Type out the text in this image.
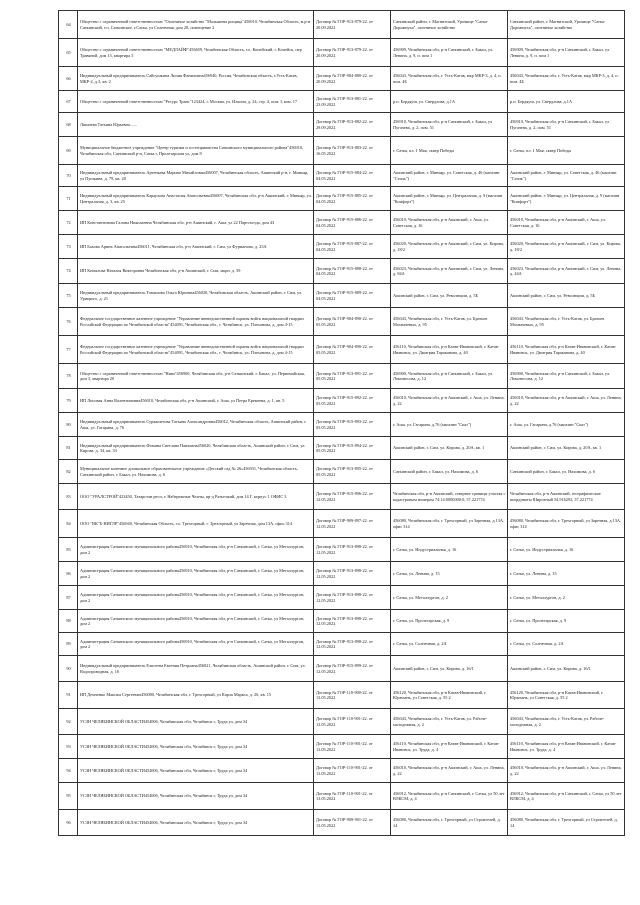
64	Общество с ограниченной ответственностью "Охотничье хозяйство "Малышева рощица"456910, Челябинская Область, м.р-н Саткинский, г.п. Саткинское, г.Сатка, ул Солнечная, дом 28, помещение 2	Договор № ГОР-913-879-22. от 20.09.2022	Саткинский район, г. Магнитский, Урочище "Сатка-Дорожнуха", охотничье хозяйство	Саткинский район, г. Магнитский, Урочище "Сатка-Дорожнуха", охотничье хозяйство
65	Общество с ограниченной ответственностью "МЕДЛАЙФ"456659, Челябинская Область, г.о. Копейский, г. Копейск, пер Травяной, дом 13, квартира 5	Договор № ГОР-913-879-22. от 20.09.2022	456909, Челябинская обл, р-н Саткинский, г. Бакал, ул. Ленина, д. 9, п. пом 1	456909, Челябинская обл, р-н Саткинский, г. Бакал, ул. Ленина, д. 9, п. пом 1
66	Индивидуальный предприниматель Сайгушкина Лилия Фаниловна456940, Россия, Челябинская область, г.Усть-Катав, МКР-2, д.3, кв. 2	Договор № ГОР-904-880-22. от 20.09.2022	456043, Челябинская обл, г. Усть-Катав, мкр МКР-3, д. 4, п. пом. 4Б	456043, Челябинская обл, г. Усть-Катав, мкр МКР-3, д. 4, п. пом. 4Б
67	Общество с ограниченной ответственностью "Ресурс Транс"123424, г. Москва, ул. Ильича, д. 24, стр. 4, пом. I, ком. 17	Договор № ГОР-913-881-22. от 23.09.2022	р.п. Бердяуш, ул. Свердлова, д.1А	р.п. Бердяуш, ул. Свердлова, д.1А
68	Лишнева Татьяна Юрьевна.......	Договор № ГОР-913-882-22. от 29.09.2022	456910, Челябинская обл, р-н Саткинский, г. Бакал, ул Пугачева, д. 2, пом. 51	456910, Челябинская обл, р-н Саткинский, г. Бакал, ул Пугачева, д. 2, пом. 51
69	Муниципальное бюджетное учреждение "Центр туризма и гостеприимства Саткинского муниципального района"456910, Челябинская обл, Саткинский р-н, Сатка г, Пролетарская ул, дом 8	Договор № ГОР-913-883-22. от 16.05.2022	г. Сатка, пл. 1 Мая, сквер Победы	г. Сатка, пл. 1 Мая, сквер Победы
70	Индивидуальный предприниматель Артеньева Марина Михайловна456007, Челябинская область, Ашинский р-н, г. Миньяр, ул Пушкина, д. 79, кв. 28	Договор № ГОР-915-884-22. от 04.05.2022	Ашинский район, г. Миньяр, ул. Советская, д. 46 (магазин "Стиль")	Ашинский район, г. Миньяр, ул. Советская, д. 46 (магазин "Стиль")
71	Индивидуальный предприниматель Караулова Анастасия Анатольевна456007, Челябинская обл, р-н Ашинский, г. Миньяр, ул. Центральная, д. 3, кв. 25	Договор № ГОР-915-885-22. от 04.05.2022	Ашинский район, г. Миньяр, ул. Центральная, д. 9 (магазин "Комфорт")	Ашинский район, г. Миньяр, ул. Центральная, д. 9 (магазин "Комфорт")
72	ИП Константинова Галина Николаевна Челябинская обл, р-н Ашинский, г. Аша, ул 22 Партсъезда, дом 43	Договор № ГОР-915-886-22. от 04.05.2022	456010, Челябинская обл, р-н Ашинский, г. Аша, ул. Советская, д. 16	456010, Челябинская обл, р-н Ашинский, г. Аша, ул. Советская, д. 16
73	ИП Бахова Арина Анатольевна456011, Челябинская обл, р-н Ашинский, г. Сим, ул Фурманова, д. 23А	Договор № ГОР-915-887-22. от 04.05.2022	456020, Челябинская обл, р-н Ашинский, г. Сим, ул. Кирова, д. 18/2	456020, Челябинская обл, р-н Ашинский, г. Сим, ул. Кирова, д. 18/2
74	ИП Копылова Наталья Викторовна Челябинская обл, р-н Ашинский, г. Сим, мкрн. д. 39	Договор № ГОР-915-888-22. от 04.05.2022	456023, Челябинская обл, р-н Ашинский, г. Сим, ул. Ленина, д. 84А	456023, Челябинская обл, р-н Ашинский, г. Сим, ул. Ленина, д. 44А
75	Индивидуальный предприниматель Томашова Ольга Юрьевна456020, Челябинская область, Ашинский район, г. Сим, ул. Урицкого, д. 21	Договор № ГОР-915-889-22. от 04.05.2022	Ашинский район, г. Сим, ул. Революции, д. 5Б	Ашинский район, г. Сим, ул. Революции, д. 5Б
76	Федеральное государственное казенное учреждение "Управление вневедомственной охраны войск национальной гвардии Российской Федерации по Челябинской области"454091, Челябинская обл., г. Челябинск, ул. Плеханова, д. дом 4-15	Договор № ГОР-904-890-22. от 05.05.2022	456043, Челябинская обл, г. Усть-Катав, ул. Братьев Мохначевых, д. 95	456043, Челябинская обл, г. Усть-Катав, ул. Братьев Мохначевых, д. 95
77	Федеральное государственное казенное учреждение "Управление вневедомственной охраны войск национальной гвардии Российской Федерации по Челябинской области"454091, Челябинская обл., г. Челябинск, ул. Плеханова, д. дом 4-15	Договор № ГОР-904-890-22. от 05.05.2022	456110, Челябинская обл, р-н Катав-Ивановский, г. Катав-Ивановск, ул. Дмитрия Тараканова, д. 40	456110, Челябинская обл, р-н Катав-Ивановский, г. Катав-Ивановск, ул. Дмитрия Тараканова, д. 40
78	Общество с ограниченной ответственностью "Нива"456900, Челябинская обл, р-н Саткинский, г. Бакал, ул. Первомайская, дом 3, квартира 20	Договор № ГОР-913-891-22. от 05.05.2022	456900, Челябинская обл, р-н Саткинский, г. Бакал, ул. Ломоносова, д. 12	456900, Челябинская обл, р-н Саткинский, г. Бакал, ул. Ломоносова, д. 12
79	ИП Лисовая Анна Валентиновна456010, Челябинская обл, р-н Ашинский, г. Аша, ул Петра Еремеева, д. 1, кв. 5	Договор № ГОР-915-892-22. от 05.05.2022	456010, Челябинская обл, р-н Ашинский, г. Аша, ул. Ленина, д. 22	456010, Челябинская обл, р-н Ашинский, г. Аша, ул. Ленина, д. 22
80	Индивидуальный предприниматель Суркашетова Татьяна Александровна456012, Челябинская область, Ашинский район, г. Аша, ул. Гагарина, д. 76	Договор № ГОР-915-893-22. от 05.05.2022	г. Аша, ул. Гагарина, д.76 (магазин "Сказ")	г. Аша, ул. Гагарина, д.76 (магазин "Сказ")
81	Индивидуальный предприниматель Фомина Светлана Павловна456020, Челябинская область, Ашинский район, г. Сим, ул. Кирова, д. 34, кв. 33	Договор № ГОР-915-894-22. от 05.05.2022	Ашинский район, г. Сим, ул. Кирова, д. 20А, кв. 1	Ашинский район, г. Сим, ул. Кирова, д. 20А, кв. 1
82	Муниципальное казенное дошкольное образовательное учреждение «Детский сад № 26»456931, Челябинская область, Саткинский район, г. Бакал, ул. Нахимова, д. 6	Договор № ГОР-913-895-22. от 05.05.2022	Саткинский район, г. Бакал, ул. Нахимова, д. 6	Саткинский район, г. Бакал, ул. Нахимова, д. 6
83	ООО "УРАЛСТРОЙ"423450, Татарстан респ, г. Набережные Челны, пр-д Разъезжий, дом 14 Г, корпус 1 ОФИС 3	Договор № ГОР-915-896-22. от 12.05.2022	Челябинская обл, р-н Ашинский, севернее границы участка с кадастровым номером 74:14:0000000:0, 57.221774	Челябинская обл, р-н Ашинский, географические координаты Широтный 54.916292, 57.221774
84	ООО "ВК"Б-НИГЛР"456940, Челябинская Область, г.о. Трехгорный, г. Трехгорный, ул Заречная, дом 13А, офис 314	Договор № ГОР-909-897-22. от 12.05.2022	456080, Челябинская обл, г. Трехгорный, ул Заречная, д.13А, офис 314	456080, Челябинская обл, г. Трехгорный, ул Заречная, д.13А, офис 314
85	Администрация Саткинского муниципального района456910, Челябинская обл, р-н Саткинский, г. Сатка, ул Металлургов, дом 2	Договор № ГОР-913-898-22. от 12.05.2022	г. Сатка, ул. Индустриальная, д. 16	г. Сатка, ул. Индустриальная, д. 16
86	Администрация Саткинского муниципального района456910, Челябинская обл, р-н Саткинский, г. Сатка, ул Металлургов, дом 2	Договор № ГОР-913-898-22. от 12.05.2022	г. Сатка, ул. Ленина, д. 15	г. Сатка, ул. Ленина, д. 15
87	Администрация Саткинского муниципального района456910, Челябинская обл, р-н Саткинский, г. Сатка, ул Металлургов, дом 2	Договор № ГОР-913-898-22. от 12.05.2022	г. Сатка, ул. Металлургов, д. 2	г. Сатка, ул. Металлургов, д. 2
88	Администрация Саткинского муниципального района456910, Челябинская обл, р-н Саткинский, г. Сатка, ул Металлургов, дом 2	Договор № ГОР-913-898-22. от 12.05.2022	г. Сатка, ул. Пролетарская, д. 9	г. Сатка, ул. Пролетарская, д. 9
89	Администрация Саткинского муниципального района456910, Челябинская обл, р-н Саткинский, г. Сатка, ул Металлургов, дом 2	Договор № ГОР-913-898-22. от 12.05.2022	г. Сатка, ул. Солнечная, д. 2А	г. Сатка, ул. Солнечная, д. 2А
90	Индивидуальный предприниматель Елисеева Евгения Петровна456021, Челябинская область, Ашинский район, г. Сим, ул. Водопроводная, д. 16	Договор № ГОР-915-899-22. от 12.05.2022	Ашинский район, г. Сим, ул. Кирова, д. 16/1	Ашинский район, г. Сим, ул. Кирова, д. 16/1
91	ИП Демченко Максим Сергеевич456080, Челябинская обл, г. Трехгорный, ул Карла Маркса, д. 26, кв. 15	Договор № ГОР-110-900-22. от 13.05.2022	456120, Челябинская обл, р-н Катав-Ивановский, г. Юрюзань, ул Советская, д. 55 2	456120, Челябинская обл, р-н Катав-Ивановский, г. Юрюзань, ул Советская, д. 55 2
92	УСЗН ЧЕЛЯБИНСКОЙ ОБЛАСТИ454006, Челябинская обл, Челябинск г, Труда ул, дом 34	Договор № ГОР-110-901-22. от 13.05.2022	456043, Челябинская обл, г. Усть-Катав, ул. Рабоче-молодежная, д. 2	456043, Челябинская обл, г. Усть-Катав, ул. Рабоче-молодежная, д. 2
93	УСЗН ЧЕЛЯБИНСКОЙ ОБЛАСТИ454006, Челябинская обл, Челябинск г, Труда ул, дом 34	Договор № ГОР-110-901-22. от 13.05.2022	456110, Челябинская обл, р-н Катав-Ивановский, г. Катав-Ивановск, ул. Труда, д. 4	456110, Челябинская обл, р-н Катав-Ивановский, г. Катав-Ивановск, ул. Труда, д. 4
94	УСЗН ЧЕЛЯБИНСКОЙ ОБЛАСТИ454006, Челябинская обл, Челябинск г, Труда ул, дом 34	Договор № ГОР-110-901-22. от 13.05.2022	456010, Челябинская обл, р-н Ашинский, г. Аша, ул. Ленина, д. 22	456010, Челябинская обл, р-н Ашинский, г. Аша, ул. Ленина, д. 22
95	УСЗН ЧЕЛЯБИНСКОЙ ОБЛАСТИ454006, Челябинская обл, Челябинск г, Труда ул, дом 34	Договор № ГОР-110-901-22. от 13.05.2022	456912, Челябинская обл, р-н Саткинский, г. Сатка, ул 50 лет ВЛКСМ, д. 4	456912, Челябинская обл, р-н Саткинский, г. Сатка, ул 50 лет ВЛКСМ, д. 4
96	УСЗН ЧЕЛЯБИНСКОЙ ОБЛАСТИ454006, Челябинская обл, Челябинск г, Труда ул, дом 34	Договор № ГОР-909-901-22. от 13.05.2022	456080, Челябинская обл, г. Трехгорный, ул Строителей, д. 14	456080, Челябинская обл, г. Трехгорный, ул Строителей, д. 14
